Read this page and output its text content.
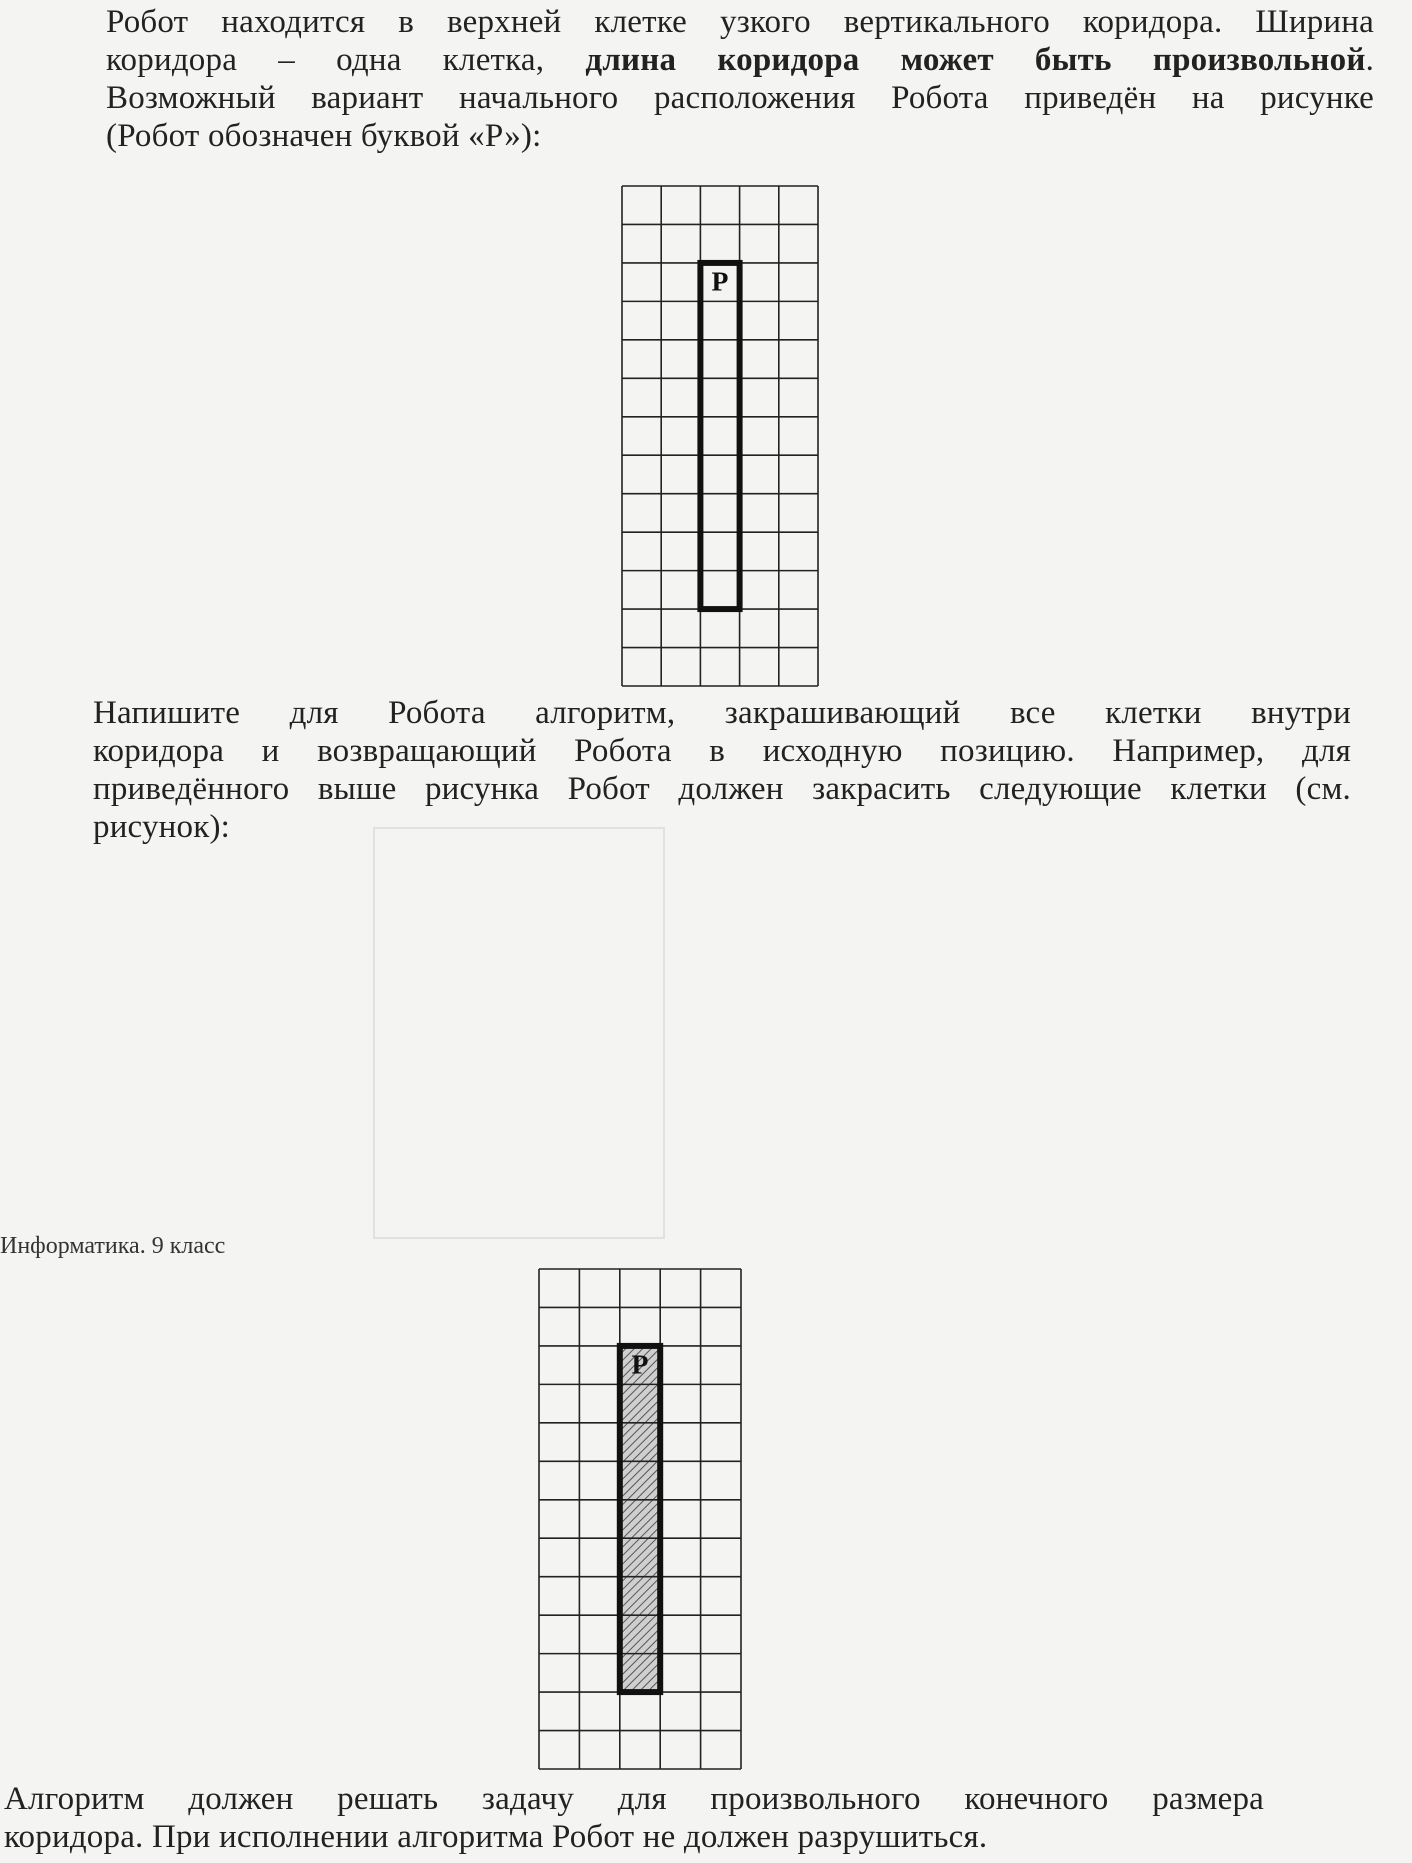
Робот находится в верхней клетке узкого вертикального коридора. Ширина
коридора – одна клетка, длина коридора может быть произвольной.
Возможный вариант начального расположения Робота приведён на рисунке
(Робот обозначен буквой «Р»):
Р
Напишите для Робота алгоритм, закрашивающий все клетки внутри
коридора и возвращающий Робота в исходную позицию. Например, для
приведённого выше рисунка Робот должен закрасить следующие клетки (см.
рисунок):
Информатика. 9 класс
Р
Алгоритм должен решать задачу для произвольного конечного размера
коридора. При исполнении алгоритма Робот не должен разрушиться.
